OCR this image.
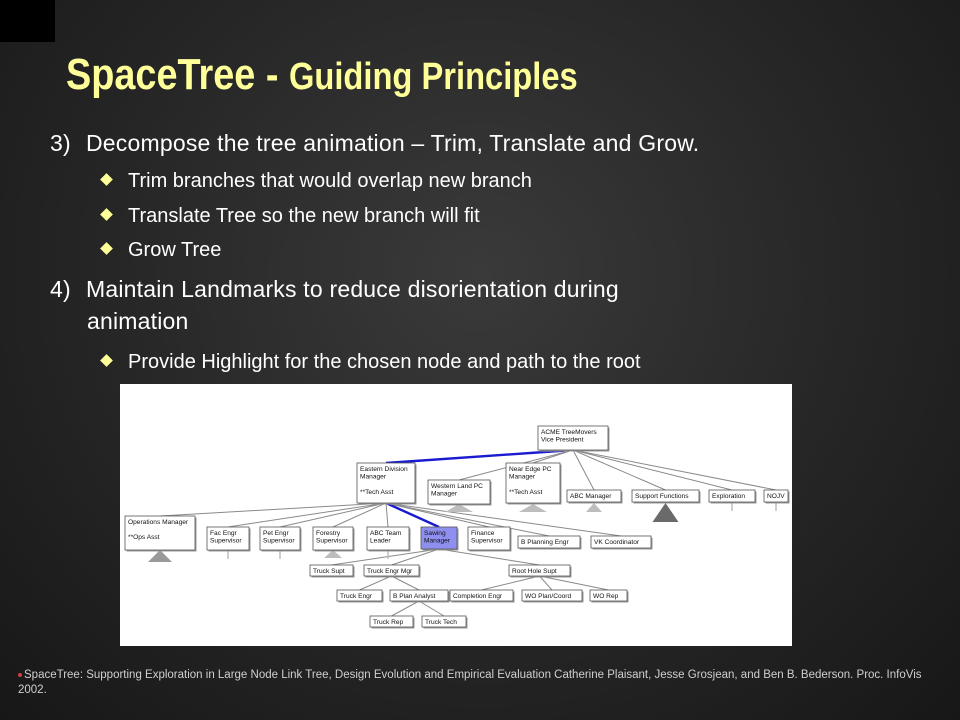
SpaceTree - Guiding Principles
3) Decompose the tree animation – Trim, Translate and Grow.
Trim branches that would overlap new branch
Translate Tree so the new branch will fit
Grow Tree
4) Maintain Landmarks to reduce disorientation during
animation
Provide Highlight for the chosen node and path to the root
ACME TreeMovers
Vice President
Eastern Division
Manager
**Tech Asst
Western Land PC
Manager
Near Edge PC
Manager
**Tech Asst
ABC Manager	Support Functions	Exploration	NOJV
Operations Manager
**Ops Asst
Fac Engr
Supervisor
Pet Engr
Supervisor
Forestry
Supervisor
ABC Team
Leader
Sawing
Manager
Finance
Supervisor	B Planning Engr	VK Coordinator
Truck Supt	Truck Engr Mgr	Root Hole Supt
Truck Engr	B Plan Analyst	Completion Engr	WO Plan/Coord	WO Rep
Truck Rep	Truck Tech
SpaceTree: Supporting Exploration in Large Node Link Tree, Design Evolution and Empirical Evaluation Catherine Plaisant, Jesse Grosjean, and Ben B. Bederson. Proc. InfoVis 2002.
